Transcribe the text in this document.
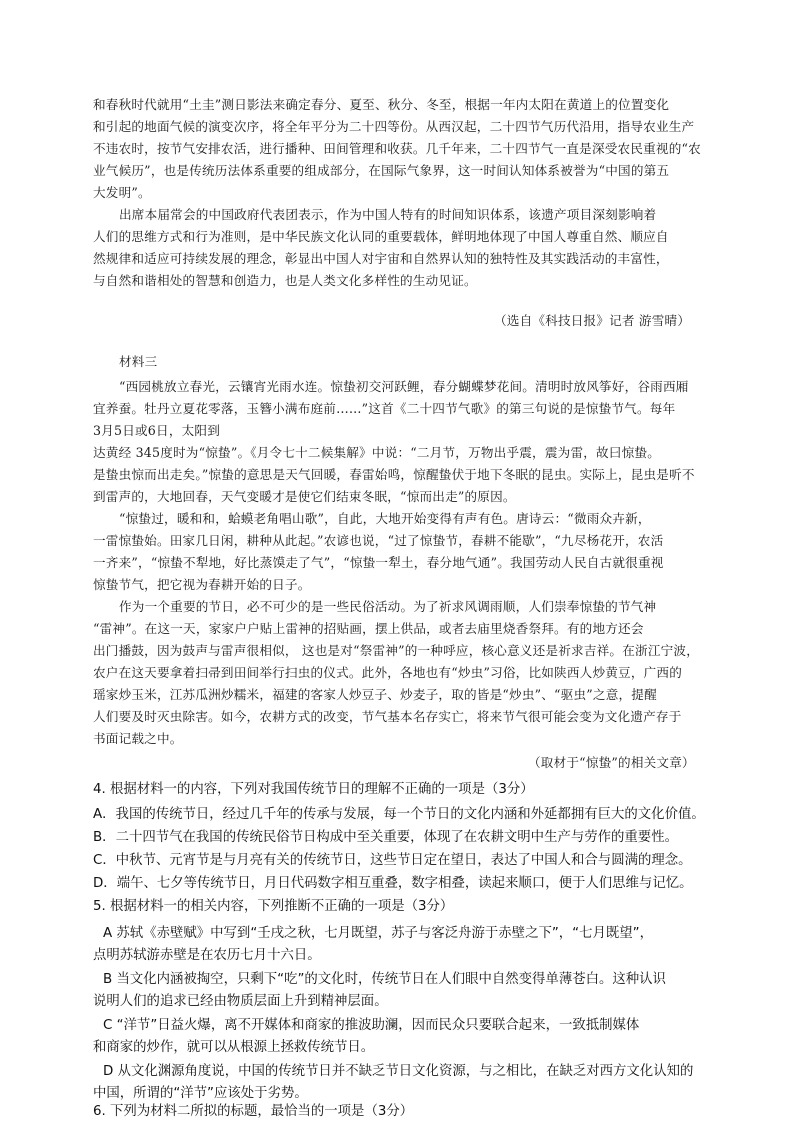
和春秋时代就用“土圭”测日影法来确定春分、夏至、秋分、冬至，根据一年内太阳在黄道上的位置变化
和引起的地面气候的演变次序，将全年平分为二十四等份。从西汉起，二十四节气历代沿用，指导农业生产
不违农时，按节气安排农活，进行播种、田间管理和收获。几千年来，二十四节气一直是深受农民重视的“农
业气候历”，也是传统历法体系重要的组成部分，在国际气象界，这一时间认知体系被誉为“中国的第五
大发明”。
出席本届常会的中国政府代表团表示，作为中国人特有的时间知识体系，该遗产项目深刻影响着
人们的思维方式和行为准则，是中华民族文化认同的重要载体，鲜明地体现了中国人尊重自然、顺应自
然规律和适应可持续发展的理念，彰显出中国人对宇宙和自然界认知的独特性及其实践活动的丰富性，
与自然和谐相处的智慧和创造力，也是人类文化多样性的生动见证。
（选自《科技日报》记者 游雪晴）
材料三
“西园桃放立春光，云镶宵光雨水连。惊蛰初交河跃鲤，春分蝴蝶梦花间。清明时放风筝好，谷雨西厢
宜养蚕。牡丹立夏花零落，玉簪小满布庭前……”这首《二十四节气歌》的第三句说的是惊蛰节气。每年
3月5日或6日，太阳到
达黄经 345度时为“惊蛰”。《月令七十二候集解》中说：“二月节，万物出乎震，震为雷，故曰惊蛰。
是蛰虫惊而出走矣。”惊蛰的意思是天气回暖，春雷始鸣，惊醒蛰伏于地下冬眠的昆虫。实际上，昆虫是听不
到雷声的，大地回春，天气变暖才是使它们结束冬眠，“惊而出走”的原因。
“惊蛰过，暖和和，蛤蟆老角唱山歌”，自此，大地开始变得有声有色。唐诗云：“微雨众卉新，
一雷惊蛰始。田家几日闲，耕种从此起。”农谚也说，“过了惊蛰节，春耕不能歇”，“九尽杨花开，农活
一齐来”，“惊蛰不犁地，好比蒸馍走了气”，“惊蛰一犁土，春分地气通”。我国劳动人民自古就很重视
惊蛰节气，把它视为春耕开始的日子。
作为一个重要的节日，必不可少的是一些民俗活动。为了祈求风调雨顺，人们崇奉惊蛰的节气神
“雷神”。在这一天，家家户户贴上雷神的招贴画，摆上供品，或者去庙里烧香祭拜。有的地方还会
出门播鼓，因为鼓声与雷声很相似， 这也是对“祭雷神”的一种呼应，核心意义还是祈求吉祥。在浙江宁波，
农户在这天要拿着扫帚到田间举行扫虫的仪式。此外，各地也有“炒虫”习俗，比如陕西人炒黄豆，广西的
瑶家炒玉米，江苏瓜洲炒糯米，福建的客家人炒豆子、炒麦子，取的皆是“炒虫”、“驱虫”之意，提醒
人们要及时灭虫除害。如今，农耕方式的改变，节气基本名存实亡，将来节气很可能会变为文化遗产存于
书面记载之中。
（取材于“惊蛰”的相关文章）
4. 根据材料一的内容，下列对我国传统节日的理解不正确的一项是（3分）
A．我国的传统节日，经过几千年的传承与发展，每一个节日的文化内涵和外延都拥有巨大的文化价值。
B．二十四节气在我国的传统民俗节日构成中至关重要，体现了在农耕文明中生产与劳作的重要性。
C．中秋节、元宵节是与月亮有关的传统节日，这些节日定在望日，表达了中国人和合与圆满的理念。
D．端午、七夕等传统节日，月日代码数字相互重叠，数字相叠，读起来顺口，便于人们思维与记忆。
5. 根据材料一的相关内容，下列推断不正确的一项是（3分）
A 苏轼《赤壁赋》中写到“壬戌之秋，七月既望，苏子与客泛舟游于赤壁之下”，“七月既望”，
点明苏轼游赤壁是在农历七月十六日。
B 当文化内涵被掏空，只剩下“吃”的文化时，传统节日在人们眼中自然变得单薄苍白。这种认识
说明人们的追求已经由物质层面上升到精神层面。
C “洋节”日益火爆，离不开媒体和商家的推波助澜，因而民众只要联合起来，一致抵制媒体
和商家的炒作，就可以从根源上拯救传统节日。
D 从文化渊源角度说，中国的传统节日并不缺乏节日文化资源，与之相比，在缺乏对西方文化认知的
中国，所谓的“洋节”应该处于劣势。
6. 下列为材料二所拟的标题，最恰当的一项是（3分）
